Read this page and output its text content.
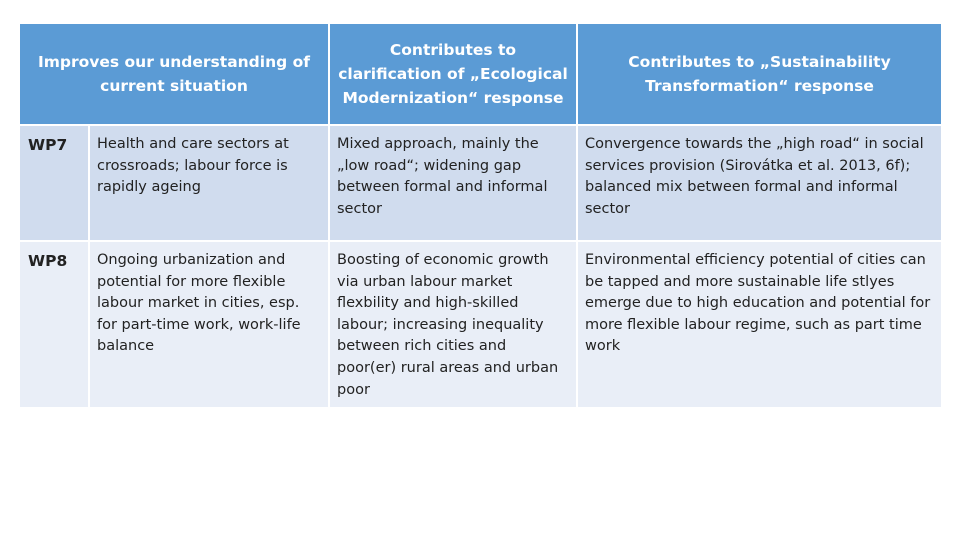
Improves our understanding of current situation		Contributes to clarification of „Ecological Modernization“ response	Contributes to „Sustainability Transformation“ response
WP7	Health and care sectors at crossroads; labour force is rapidly ageing	Mixed approach, mainly the „low road“; widening gap between formal and informal sector	Convergence towards the „high road“ in social services provision (Sirovátka et al. 2013, 6f); balanced mix between formal and informal sector
WP8	Ongoing urbanization and potential for more flexible labour market in cities, esp. for part-time work, work-life balance	Boosting of economic growth via urban labour market flexbility and high-skilled labour; increasing inequality between rich cities and poor(er) rural areas and urban poor	Environmental efficiency potential of cities can be tapped and more sustainable life stlyes emerge due to high education and potential for more flexible labour regime, such as part time work
